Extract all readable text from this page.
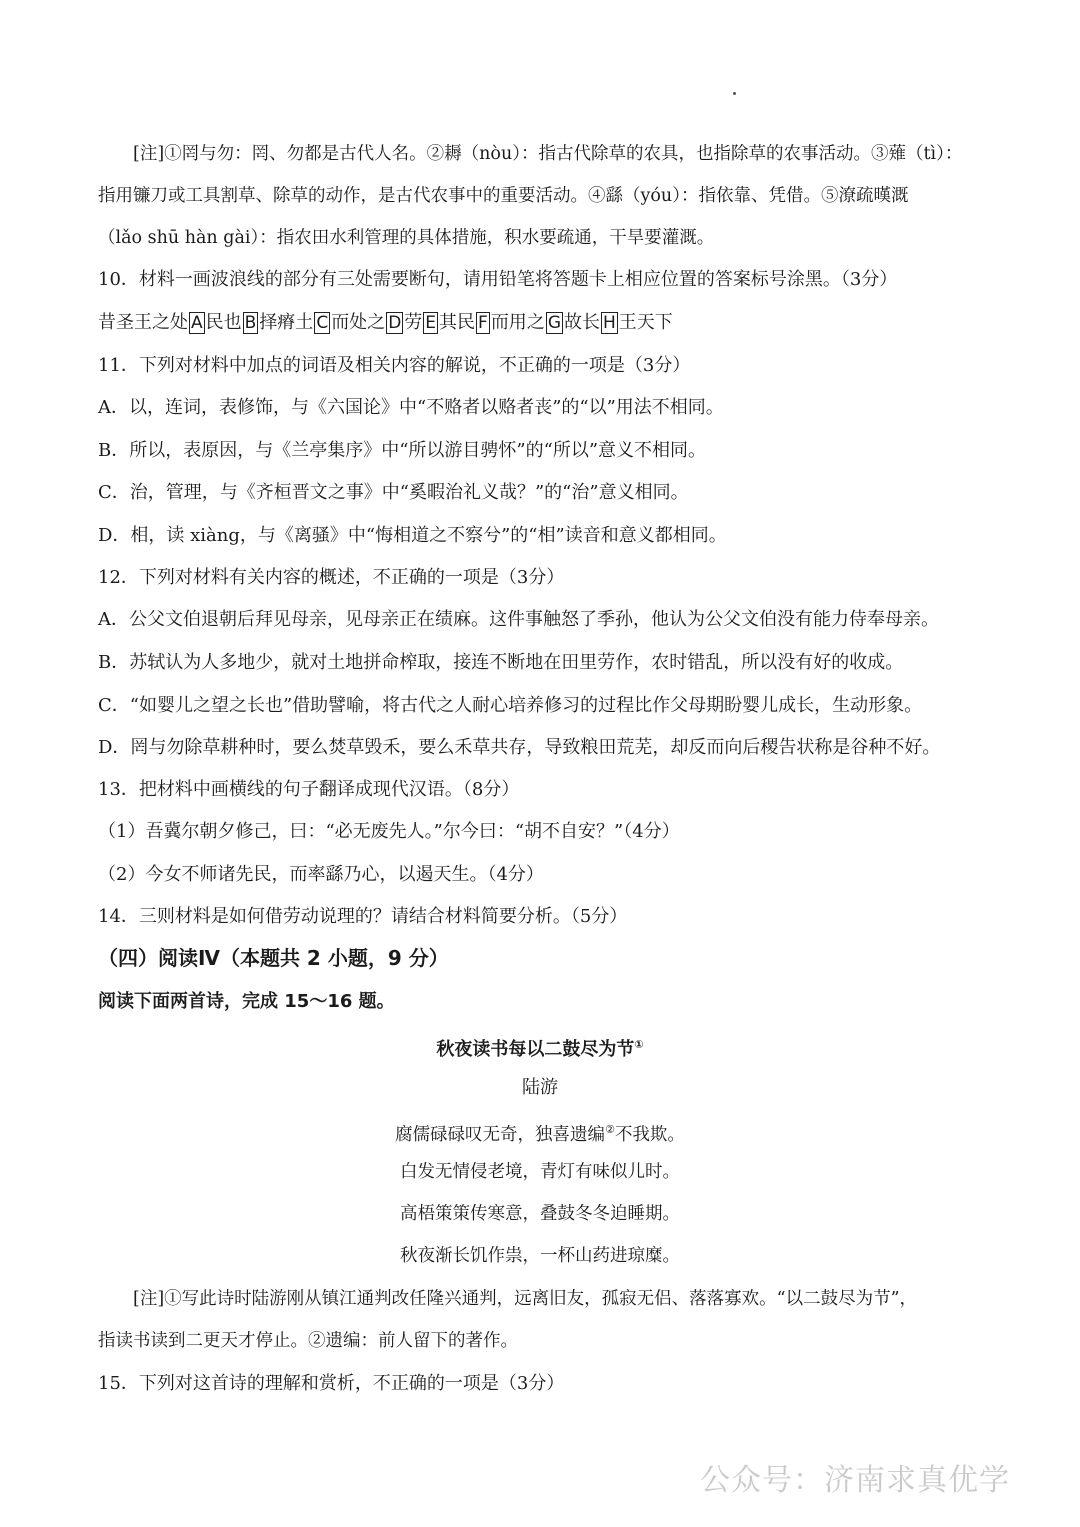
[注]①罔与勿：罔、勿都是古代人名。②耨（nòu）：指古代除草的农具，也指除草的农事活动。③薙（tì）：
指用镰刀或工具割草、除草的动作，是古代农事中的重要活动。④繇（yóu）：指依靠、凭借。⑤潦疏暵溉
（lǎo shū hàn gài）：指农田水利管理的具体措施，积水要疏通，干旱要灌溉。
10．材料一画波浪线的部分有三处需要断句，请用铅笔将答题卡上相应位置的答案标号涂黑。（3分）
昔圣王之处 A 民也 B 择瘠土 C 而处之 D 劳 E 其民 F 而用之 G 故长 H 王天下
11．下列对材料中加点的词语及相关内容的解说，不正确的一项是（3分）
A．以，连词，表修饰，与《六国论》中“不赂者以赂者丧”的“以”用法不相同。
B．所以，表原因，与《兰亭集序》中“所以游目骋怀”的“所以”意义不相同。
C．治，管理，与《齐桓晋文之事》中“奚暇治礼义哉？”的“治”意义相同。
D．相，读 xiàng，与《离骚》中“悔相道之不察兮”的“相”读音和意义都相同。
12．下列对材料有关内容的概述，不正确的一项是（3分）
A．公父文伯退朝后拜见母亲，见母亲正在绩麻。这件事触怒了季孙，他认为公父文伯没有能力侍奉母亲。
B．苏轼认为人多地少，就对土地拼命榨取，接连不断地在田里劳作，农时错乱，所以没有好的收成。
C．“如婴儿之望之长也”借助譬喻，将古代之人耐心培养修习的过程比作父母期盼婴儿成长，生动形象。
D．罔与勿除草耕种时，要么焚草毁禾，要么禾草共存，导致粮田荒芜，却反而向后稷告状称是谷种不好。
13．把材料中画横线的句子翻译成现代汉语。（8分）
（1）吾冀尔朝夕修己，曰：“必无废先人。”尔今曰：“胡不自安？”（4分）
（2）今女不师诸先民，而率繇乃心，以遏天生。（4分）
14．三则材料是如何借劳动说理的？请结合材料简要分析。（5分）
（四）阅读Ⅳ（本题共 2 小题，9 分）
阅读下面两首诗，完成 15～16 题。
秋夜读书每以二鼓尽为节①
陆游
腐儒碌碌叹无奇，独喜遗编②不我欺。
白发无情侵老境，青灯有味似儿时。
高梧策策传寒意，叠鼓冬冬迫睡期。
秋夜渐长饥作祟，一杯山药进琼糜。
[注]①写此诗时陆游刚从镇江通判改任隆兴通判，远离旧友，孤寂无侣、落落寡欢。“以二鼓尽为节”，
指读书读到二更天才停止。②遗编：前人留下的著作。
15．下列对这首诗的理解和赏析，不正确的一项是（3分）
公众号：济南求真优学
